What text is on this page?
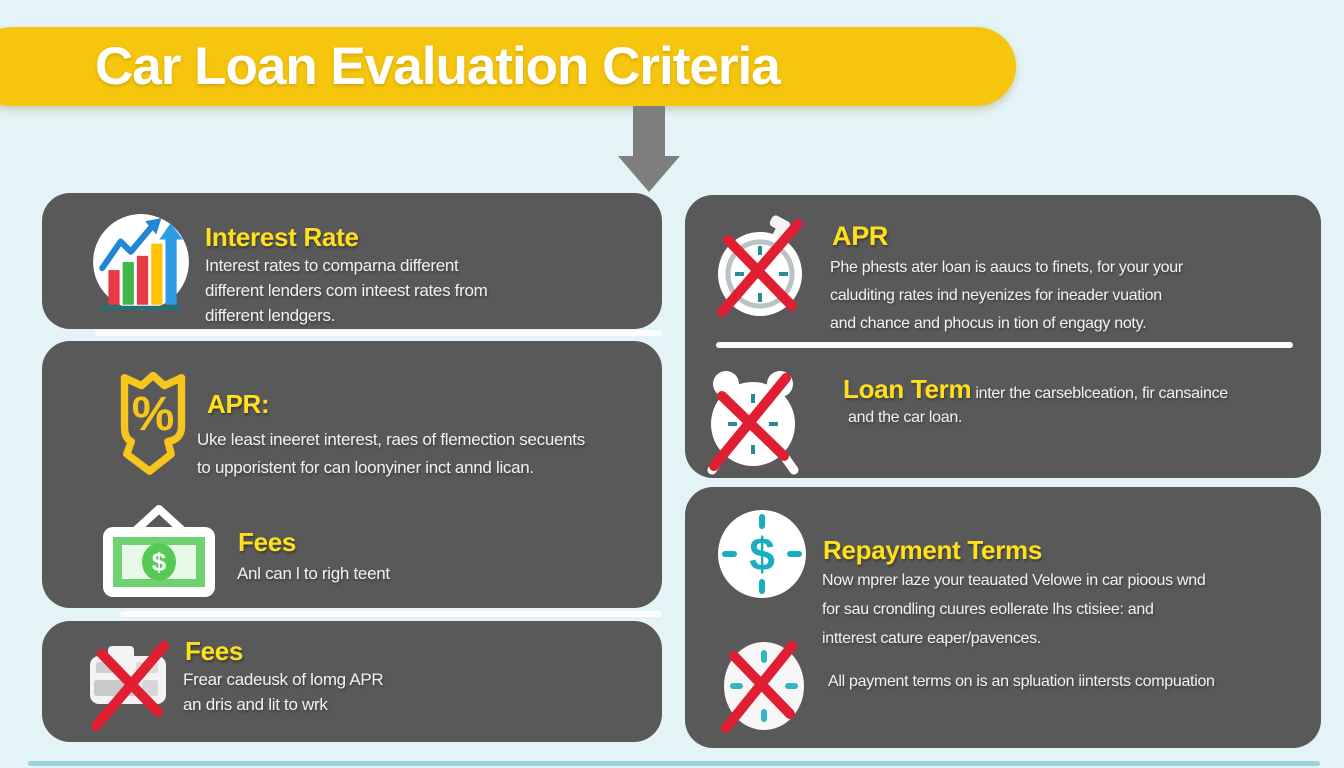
Car Loan Evaluation Criteria
Interest Rate
Interest rates to comparna different
different lenders com inteest rates from
different lendgers.
% APR:
Uke least ineeret interest, raes of flemection secuents
to upporistent for can loonyiner inct annd lican.
$
Fees
Anl can l to righ teent
Fees
Frear cadeusk of lomg APR
an dris and lit to wrk
APR
Phe phests ater loan is aaucs to finets, for your your
caluditing rates ind neyenizes for ineader vuation
and chance and phocus in tion of engagy noty.
Loan Term inter the carseblceation, fir cansaince
and the car loan.
$ Repayment Terms
Now mprer laze your teauated Velowe in car pioous wnd
for sau crondling cuures eollerate lhs ctisiee: and
intterest cature eaper/pavences.
All payment terms on is an spluation iintersts compuation
